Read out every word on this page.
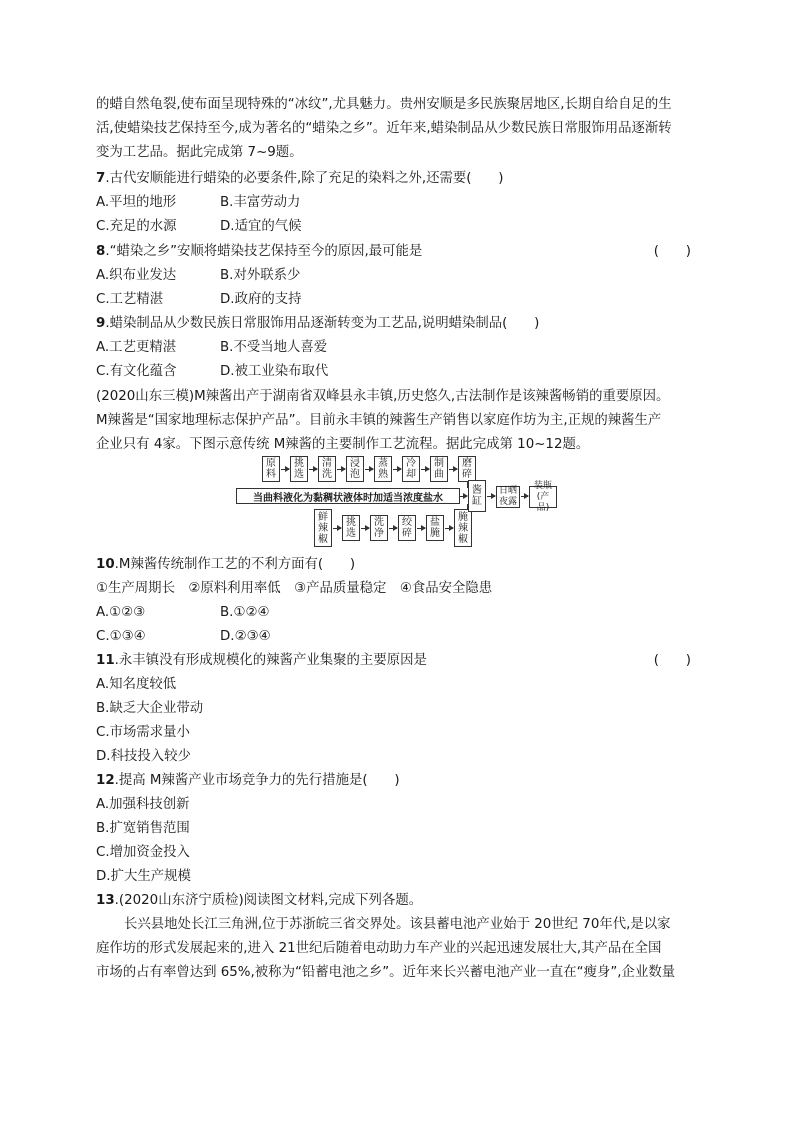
的蜡自然龟裂,使布面呈现特殊的“冰纹”,尤具魅力。贵州安顺是多民族聚居地区,长期自给自足的生
活,使蜡染技艺保持至今,成为著名的“蜡染之乡”。近年来,蜡染制品从少数民族日常服饰用品逐渐转
变为工艺品。据此完成第 7~9题。
7.古代安顺能进行蜡染的必要条件,除了充足的染料之外,还需要(　　)
A.平坦的地形	B.丰富劳动力
C.充足的水源	D.适宜的气候
8.“蜡染之乡”安顺将蜡染技艺保持至今的原因,最可能是	(　　)
A.织布业发达	B.对外联系少
C.工艺精湛	D.政府的支持
9.蜡染制品从少数民族日常服饰用品逐渐转变为工艺品,说明蜡染制品(　　)
A.工艺更精湛	B.不受当地人喜爱
C.有文化蕴含	D.被工业染布取代
(2020山东三模)M辣酱出产于湖南省双峰县永丰镇,历史悠久,古法制作是该辣酱畅销的重要原因。
M辣酱是“国家地理标志保护产品”。目前永丰镇的辣酱生产销售以家庭作坊为主,正规的辣酱生产
企业只有 4家。下图示意传统 M辣酱的主要制作工艺流程。据此完成第 10~12题。
原料
挑选
清洗
浸泡
蒸熟
冷却
制曲
磨碎
当曲料液化为黏稠状液体时加适当浓度盐水
鲜辣椒
挑选
洗净
绞碎
盐腌
腌辣椒
酱缸
日晒夜露
装瓶(产品)
10.M辣酱传统制作工艺的不利方面有(　　)
①生产周期长　②原料利用率低　③产品质量稳定　④食品安全隐患
A.①②③	B.①②④
C.①③④	D.②③④
11.永丰镇没有形成规模化的辣酱产业集聚的主要原因是	(　　)
A.知名度较低
B.缺乏大企业带动
C.市场需求量小
D.科技投入较少
12.提高 M辣酱产业市场竞争力的先行措施是(　　)
A.加强科技创新
B.扩宽销售范围
C.增加资金投入
D.扩大生产规模
13.(2020山东济宁质检)阅读图文材料,完成下列各题。
长兴县地处长江三角洲,位于苏浙皖三省交界处。该县蓄电池产业始于 20世纪 70年代,是以家
庭作坊的形式发展起来的,进入 21世纪后随着电动助力车产业的兴起迅速发展壮大,其产品在全国
市场的占有率曾达到 65%,被称为“铅蓄电池之乡”。近年来长兴蓄电池产业一直在“瘦身”,企业数量
